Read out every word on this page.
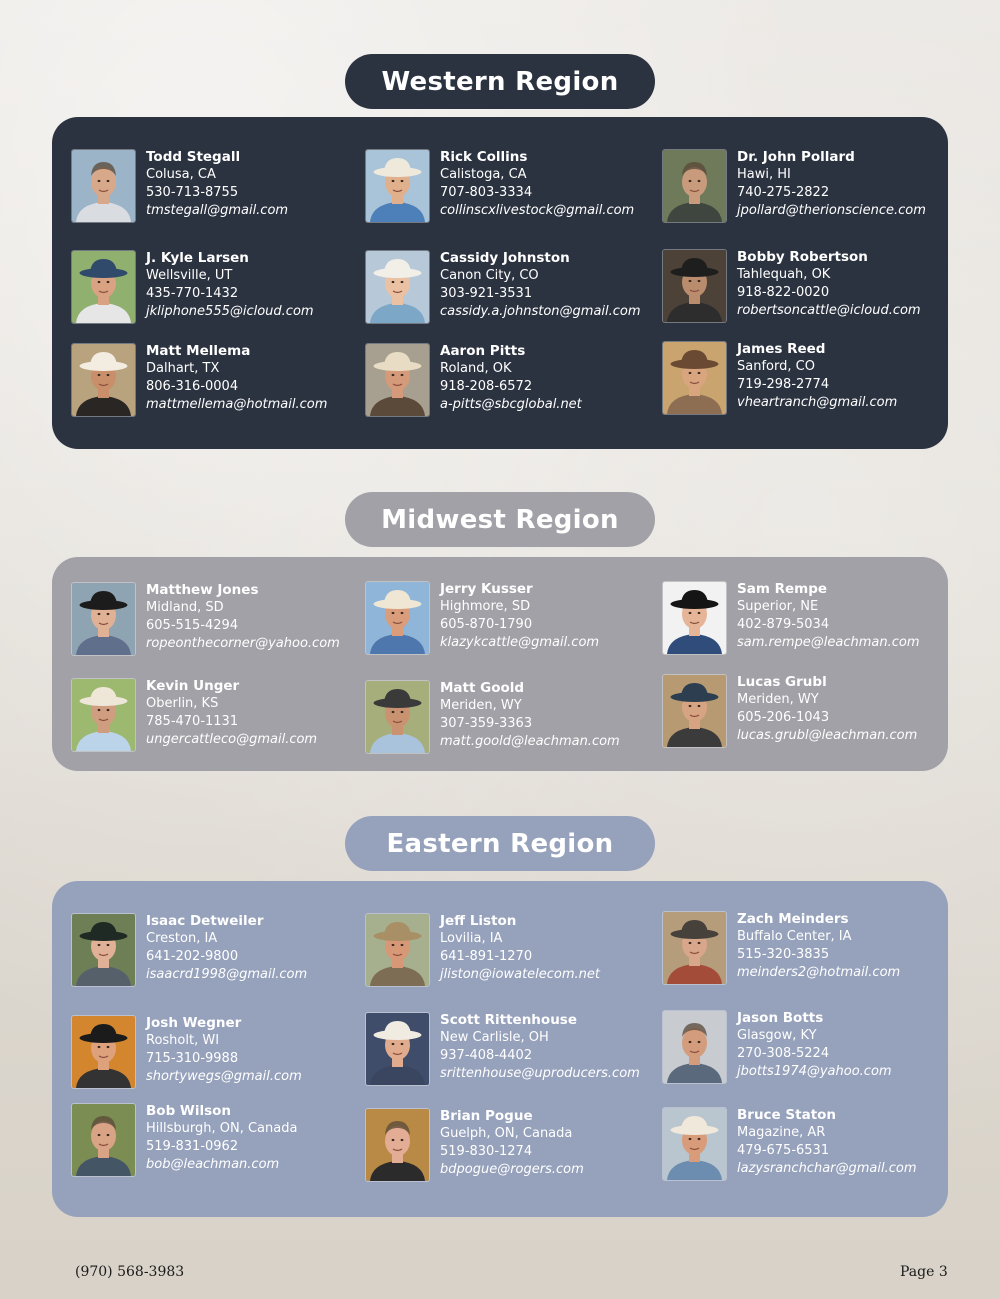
Western Region
Todd Stegall
Colusa, CA
530-713-8755
tmstegall@gmail.com
Rick Collins
Calistoga, CA
707-803-3334
collinscxlivestock@gmail.com
Dr. John Pollard
Hawi, HI
740-275-2822
jpollard@therionscience.com
J. Kyle Larsen
Wellsville, UT
435-770-1432
jkliphone555@icloud.com
Cassidy Johnston
Canon City, CO
303-921-3531
cassidy.a.johnston@gmail.com
Bobby Robertson
Tahlequah, OK
918-822-0020
robertsoncattle@icloud.com
Matt Mellema
Dalhart, TX
806-316-0004
mattmellema@hotmail.com
Aaron Pitts
Roland, OK
918-208-6572
a-pitts@sbcglobal.net
James Reed
Sanford, CO
719-298-2774
vheartranch@gmail.com
Midwest Region
Matthew Jones
Midland, SD
605-515-4294
ropeonthecorner@yahoo.com
Jerry Kusser
Highmore, SD
605-870-1790
klazykcattle@gmail.com
Sam Rempe
Superior, NE
402-879-5034
sam.rempe@leachman.com
Kevin Unger
Oberlin, KS
785-470-1131
ungercattleco@gmail.com
Matt Goold
Meriden, WY
307-359-3363
matt.goold@leachman.com
Lucas Grubl
Meriden, WY
605-206-1043
lucas.grubl@leachman.com
Eastern Region
Isaac Detweiler
Creston, IA
641-202-9800
isaacrd1998@gmail.com
Jeff Liston
Lovilia, IA
641-891-1270
jliston@iowatelecom.net
Zach Meinders
Buffalo Center, IA
515-320-3835
meinders2@hotmail.com
Josh Wegner
Rosholt, WI
715-310-9988
shortywegs@gmail.com
Scott Rittenhouse
New Carlisle, OH
937-408-4402
srittenhouse@uproducers.com
Jason Botts
Glasgow, KY
270-308-5224
jbotts1974@yahoo.com
Bob Wilson
Hillsburgh, ON, Canada
519-831-0962
bob@leachman.com
Brian Pogue
Guelph, ON, Canada
519-830-1274
bdpogue@rogers.com
Bruce Staton
Magazine, AR
479-675-6531
lazysranchchar@gmail.com
(970) 568-3983	Page 3
